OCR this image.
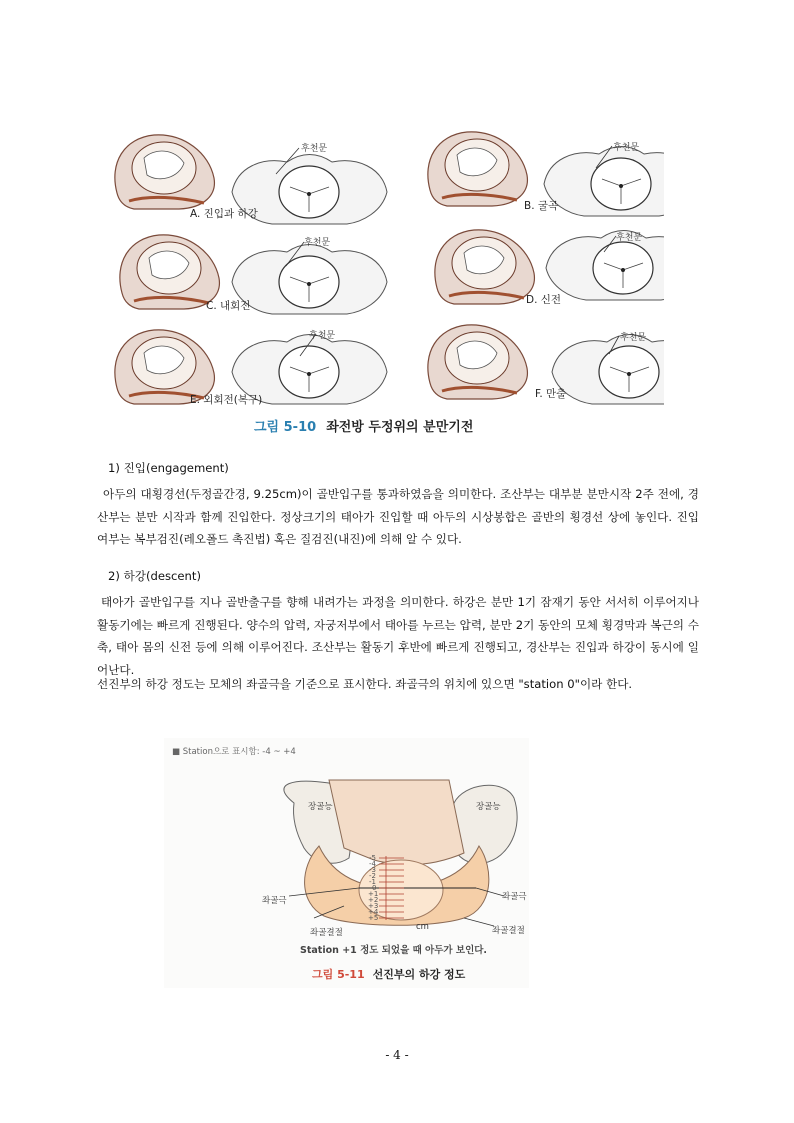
후천문
A. 진입과 하강
후천문
B. 굴곡
후천문
C. 내회전
후천문
D. 신전
후천문
E. 외회전(복구)
후천문
F. 만출
그림 5-10 좌전방 두정위의 분만기전
1) 진입(engagement)
아두의 대횡경선(두정골간경, 9.25cm)이 골반입구를 통과하였음을 의미한다. 조산부는 대부분 분만시작 2주 전에, 경산부는 분만 시작과 함께 진입한다. 정상크기의 태아가 진입할 때 아두의 시상봉합은 골반의 횡경선 상에 놓인다. 진입 여부는 복부검진(레오폴드 촉진법) 혹은 질검진(내진)에 의해 알 수 있다.
2) 하강(descent)
태아가 골반입구를 지나 골반출구를 향해 내려가는 과정을 의미한다. 하강은 분만 1기 잠재기 동안 서서히 이루어지나 활동기에는 빠르게 진행된다. 양수의 압력, 자궁저부에서 태아를 누르는 압력, 분만 2기 동안의 모체 횡경막과 복근의 수축, 태아 몸의 신전 등에 의해 이루어진다. 조산부는 활동기 후반에 빠르게 진행되고, 경산부는 진입과 하강이 동시에 일어난다.
선진부의 하강 정도는 모체의 좌골극을 기준으로 표시한다. 좌골극의 위치에 있으면 "station 0"이라 한다.
■ Station으로 표시함: -4 ~ +4
장골능	장골능
좌골극	좌골극
좌골결절	좌골결절
cm
-5
-4
-3
-2
-1
0
+1
+2
+3
+4
+5
Station +1 정도 되었을 때 아두가 보인다.
그림 5-11 선진부의 하강 정도
- 4 -
